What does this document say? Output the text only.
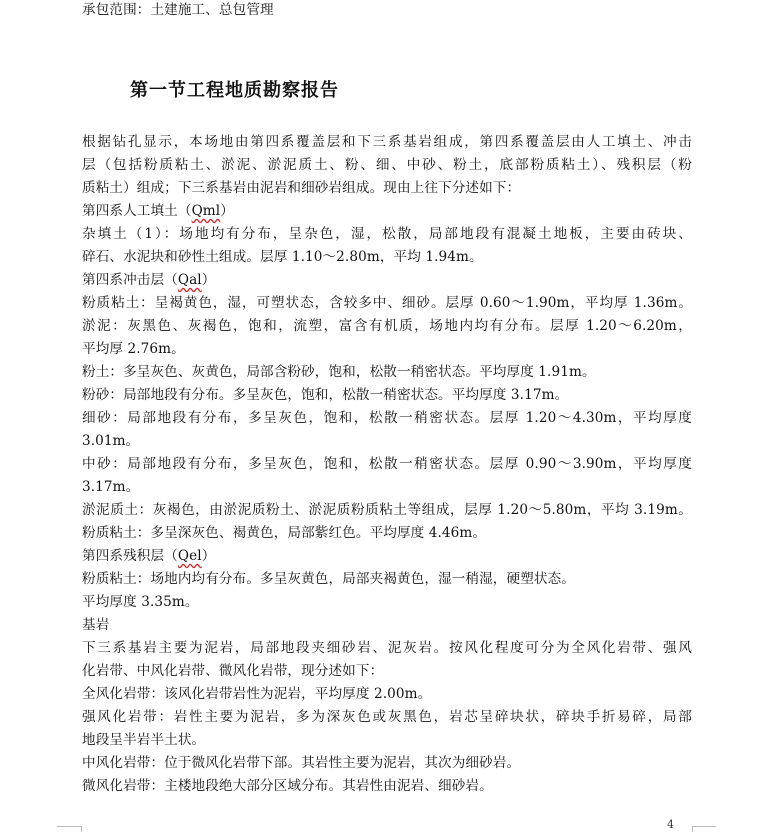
承包范围：土建施工、总包管理
第一节工程地质勘察报告
根据钻孔显示，本场地由第四系覆盖层和下三系基岩组成，第四系覆盖层由人工填土、冲击
层（包括粉质粘土、淤泥、淤泥质土、粉、细、中砂、粉土，底部粉质粘土）、残积层（粉
质粘土）组成；下三系基岩由泥岩和细砂岩组成。现由上往下分述如下：
第四系人工填土（Qml）
杂填土（1）：场地均有分布，呈杂色，湿，松散，局部地段有混凝土地板，主要由砖块、
碎石、水泥块和砂性土组成。层厚 1.10～2.80m，平均 1.94m。
第四系冲击层（Qal）
粉质粘土：呈褐黄色，湿，可塑状态，含较多中、细砂。层厚 0.60～1.90m，平均厚 1.36m。
淤泥：灰黑色、灰褐色，饱和，流塑，富含有机质，场地内均有分布。层厚 1.20～6.20m，
平均厚 2.76m。
粉土：多呈灰色、灰黄色，局部含粉砂，饱和，松散一稍密状态。平均厚度 1.91m。
粉砂：局部地段有分布。多呈灰色，饱和，松散一稍密状态。平均厚度 3.17m。
细砂：局部地段有分布，多呈灰色，饱和，松散一稍密状态。层厚 1.20～4.30m，平均厚度
3.01m。
中砂：局部地段有分布，多呈灰色，饱和，松散一稍密状态。层厚 0.90～3.90m，平均厚度
3.17m。
淤泥质土：灰褐色，由淤泥质粉土、淤泥质粉质粘土等组成，层厚 1.20～5.80m，平均 3.19m。
粉质粘土：多呈深灰色、褐黄色，局部紫红色。平均厚度 4.46m。
第四系残积层（Qel）
粉质粘土：场地内均有分布。多呈灰黄色，局部夹褐黄色，湿一稍湿，硬塑状态。
平均厚度 3.35m。
基岩
下三系基岩主要为泥岩，局部地段夹细砂岩、泥灰岩。按风化程度可分为全风化岩带、强风
化岩带、中风化岩带、微风化岩带，现分述如下：
全风化岩带：该风化岩带岩性为泥岩，平均厚度 2.00m。
强风化岩带：岩性主要为泥岩，多为深灰色或灰黑色，岩芯呈碎块状，碎块手折易碎，局部
地段呈半岩半土状。
中风化岩带：位于微风化岩带下部。其岩性主要为泥岩，其次为细砂岩。
微风化岩带：主楼地段绝大部分区域分布。其岩性由泥岩、细砂岩。
4
